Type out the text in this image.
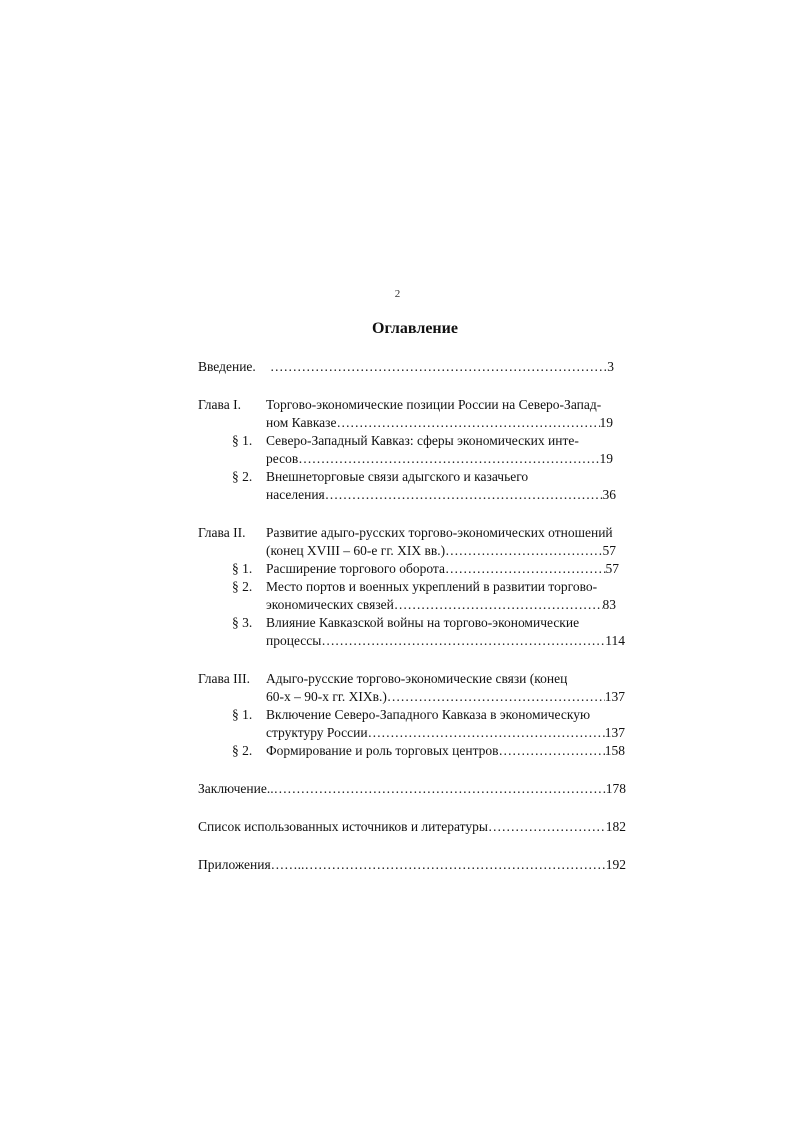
2
Оглавление
Введение. …………………………………………………………………………………………………………………………………………………………………………………………………………	3
Глава I. Торгово-экономические позиции России на Северо-Запад-
ном Кавказе …………………………………………………………………………………………………………………………………………………………………………………………………………	19
§ 1. Северо-Западный Кавказ: сферы экономических инте-
ресов …………………………………………………………………………………………………………………………………………………………………………………………………………	19
§ 2. Внешнеторговые связи адыгского и казачьего
населения …………………………………………………………………………………………………………………………………………………………………………………………………………	36
Глава II. Развитие адыго-русских торгово-экономических отношений
(конец XVIII – 60-е гг. XIX вв.) …………………………………………………………………………………………………………………………………………………………………………………………………………	57
§ 1. Расширение торгового оборота …………………………………………………………………………………………………………………………………………………………………………………………………………	57
§ 2. Место портов и военных укреплений в развитии торгово-
экономических связей …………………………………………………………………………………………………………………………………………………………………………………………………………	83
§ 3. Влияние Кавказской войны на торгово-экономические
процессы …………………………………………………………………………………………………………………………………………………………………………………………………………	114
Глава III. Адыго-русские торгово-экономические связи (конец
60-х – 90-х гг. XIXв.) …………………………………………………………………………………………………………………………………………………………………………………………………………	137
§ 1. Включение Северо-Западного Кавказа в экономическую
структуру России …………………………………………………………………………………………………………………………………………………………………………………………………………	137
§ 2. Формирование и роль торговых центров …………………………………………………………………………………………………………………………………………………………………………………………………………	158
Заключение.. …………………………………………………………………………………………………………………………………………………………………………………………………………	178
Список использованных источников и литературы …………………………………………………………………………………………………………………………………………………………………………………………………………	182
Приложения…….. …………………………………………………………………………………………………………………………………………………………………………………………………………	192
